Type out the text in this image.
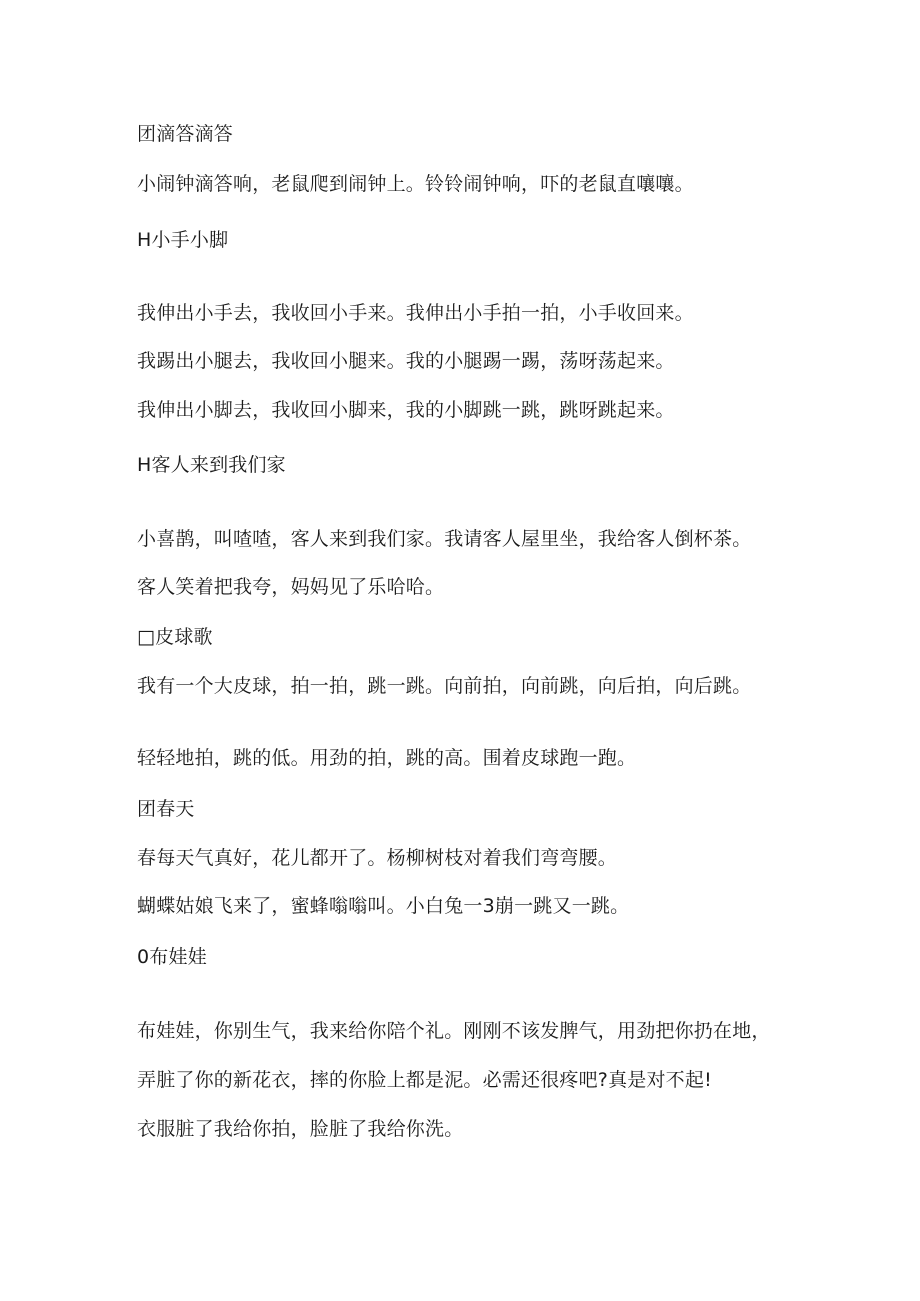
团滴答滴答
小闹钟滴答响，老鼠爬到闹钟上。铃铃闹钟响，吓的老鼠直嚷嚷。
H小手小脚
我伸出小手去，我收回小手来。我伸出小手拍一拍，小手收回来。
我踢出小腿去，我收回小腿来。我的小腿踢一踢，荡呀荡起来。
我伸出小脚去，我收回小脚来，我的小脚跳一跳，跳呀跳起来。
H客人来到我们家
小喜鹊，叫喳喳，客人来到我们家。我请客人屋里坐，我给客人倒杯茶。
客人笑着把我夸，妈妈见了乐哈哈。
□皮球歌
我有一个大皮球，拍一拍，跳一跳。向前拍，向前跳，向后拍，向后跳。
轻轻地拍，跳的低。用劲的拍，跳的高。围着皮球跑一跑。
团春天
春每天气真好，花儿都开了。杨柳树枝对着我们弯弯腰。
蝴蝶姑娘飞来了，蜜蜂嗡嗡叫。小白兔一3崩一跳又一跳。
0布娃娃
布娃娃，你别生气，我来给你陪个礼。刚刚不该发脾气，用劲把你扔在地，
弄脏了你的新花衣，摔的你脸上都是泥。必需还很疼吧?真是对不起!
衣服脏了我给你拍，脸脏了我给你洗。
